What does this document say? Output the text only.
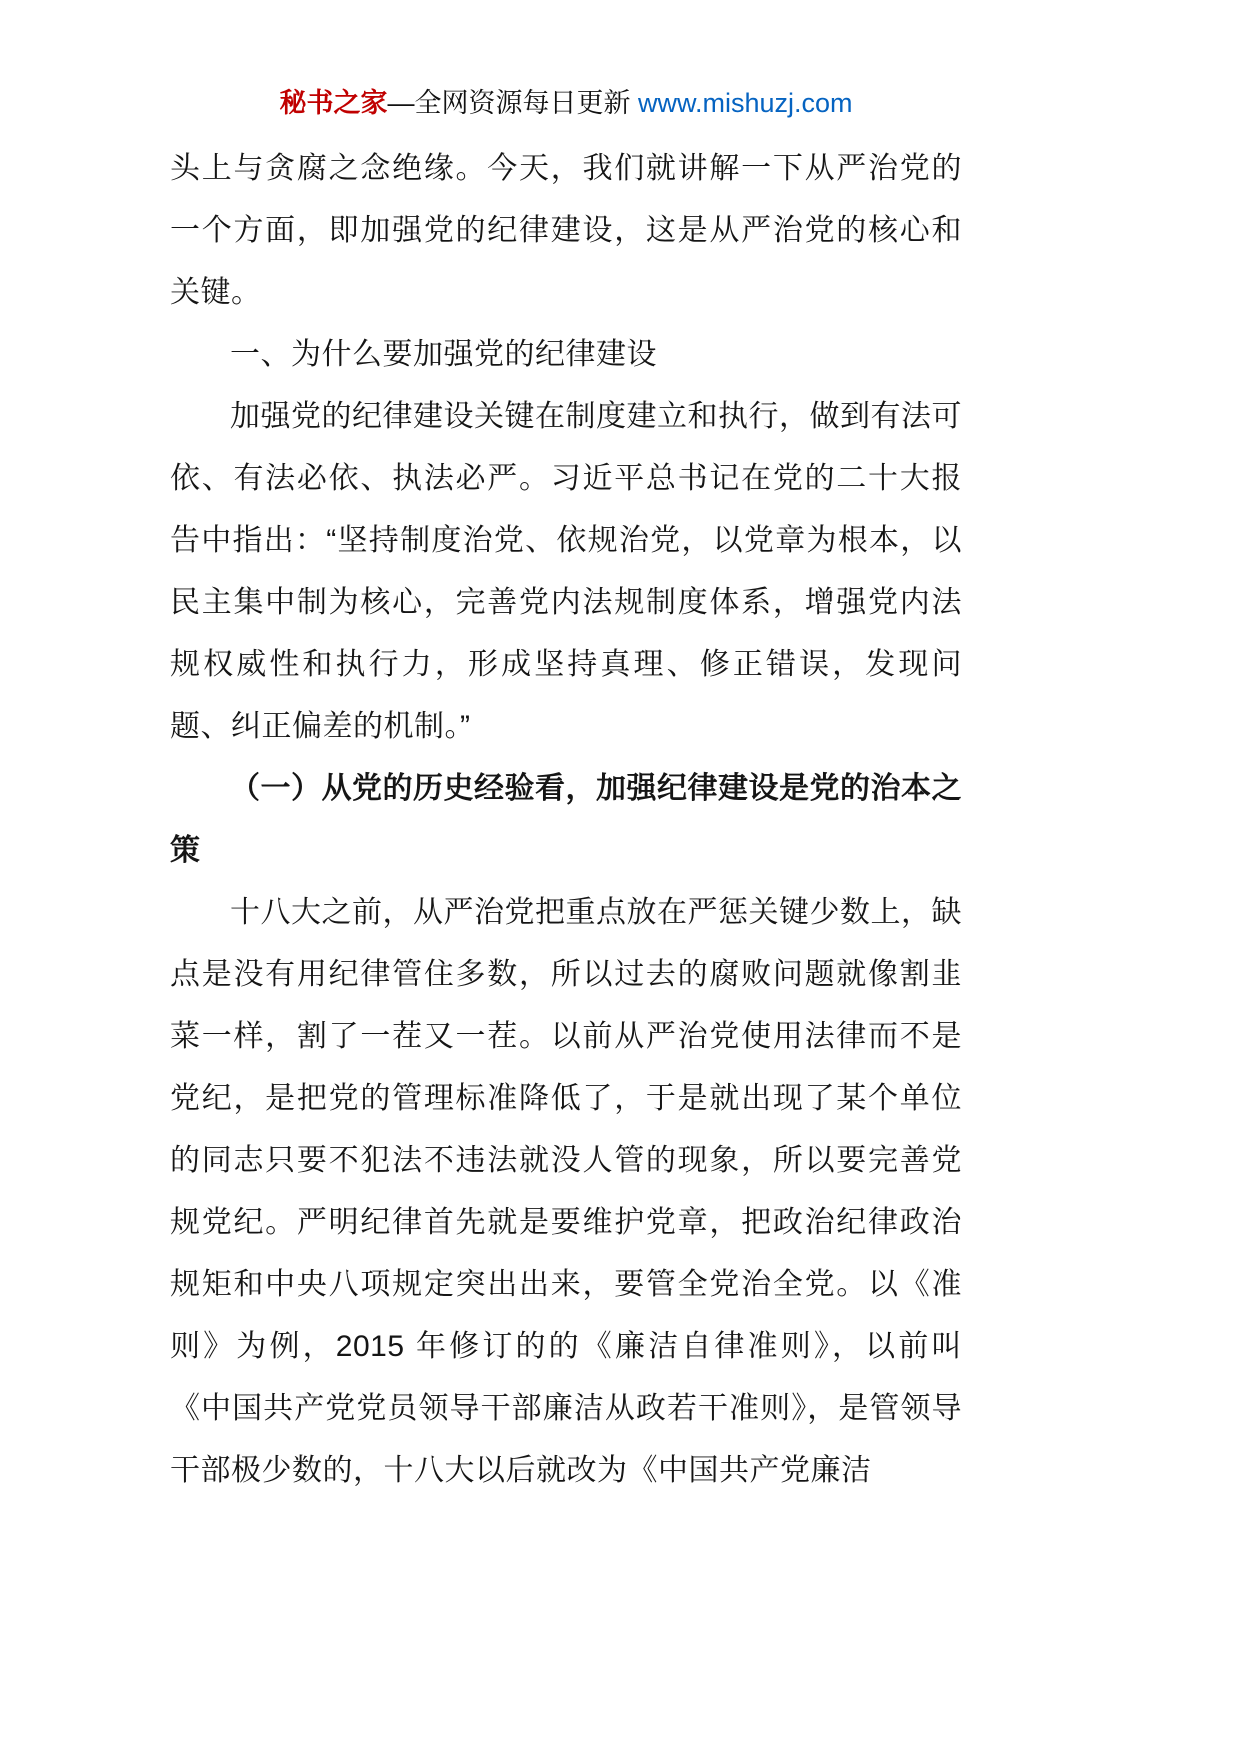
秘书之家—全网资源每日更新 www.mishuzj.com

头上与贪腐之念绝缘。今天，我们就讲解一下从严治党的一个方面，即加强党的纪律建设，这是从严治党的核心和关键。

一、为什么要加强党的纪律建设

加强党的纪律建设关键在制度建立和执行，做到有法可依、有法必依、执法必严。习近平总书记在党的二十大报告中指出：“坚持制度治党、依规治党，以党章为根本，以民主集中制为核心，完善党内法规制度体系，增强党内法规权威性和执行力，形成坚持真理、修正错误，发现问题、纠正偏差的机制。”

（一）从党的历史经验看，加强纪律建设是党的治本之策

十八大之前，从严治党把重点放在严惩关键少数上，缺点是没有用纪律管住多数，所以过去的腐败问题就像割韭菜一样，割了一茬又一茬。以前从严治党使用法律而不是党纪，是把党的管理标准降低了，于是就出现了某个单位的同志只要不犯法不违法就没人管的现象，所以要完善党规党纪。严明纪律首先就是要维护党章，把政治纪律政治规矩和中央八项规定突出出来，要管全党治全党。以《准则》为例，2015 年修订的的《廉洁自律准则》，以前叫《中国共产党党员领导干部廉洁从政若干准则》，是管领导干部极少数的，十八大以后就改为《中国共产党廉洁
